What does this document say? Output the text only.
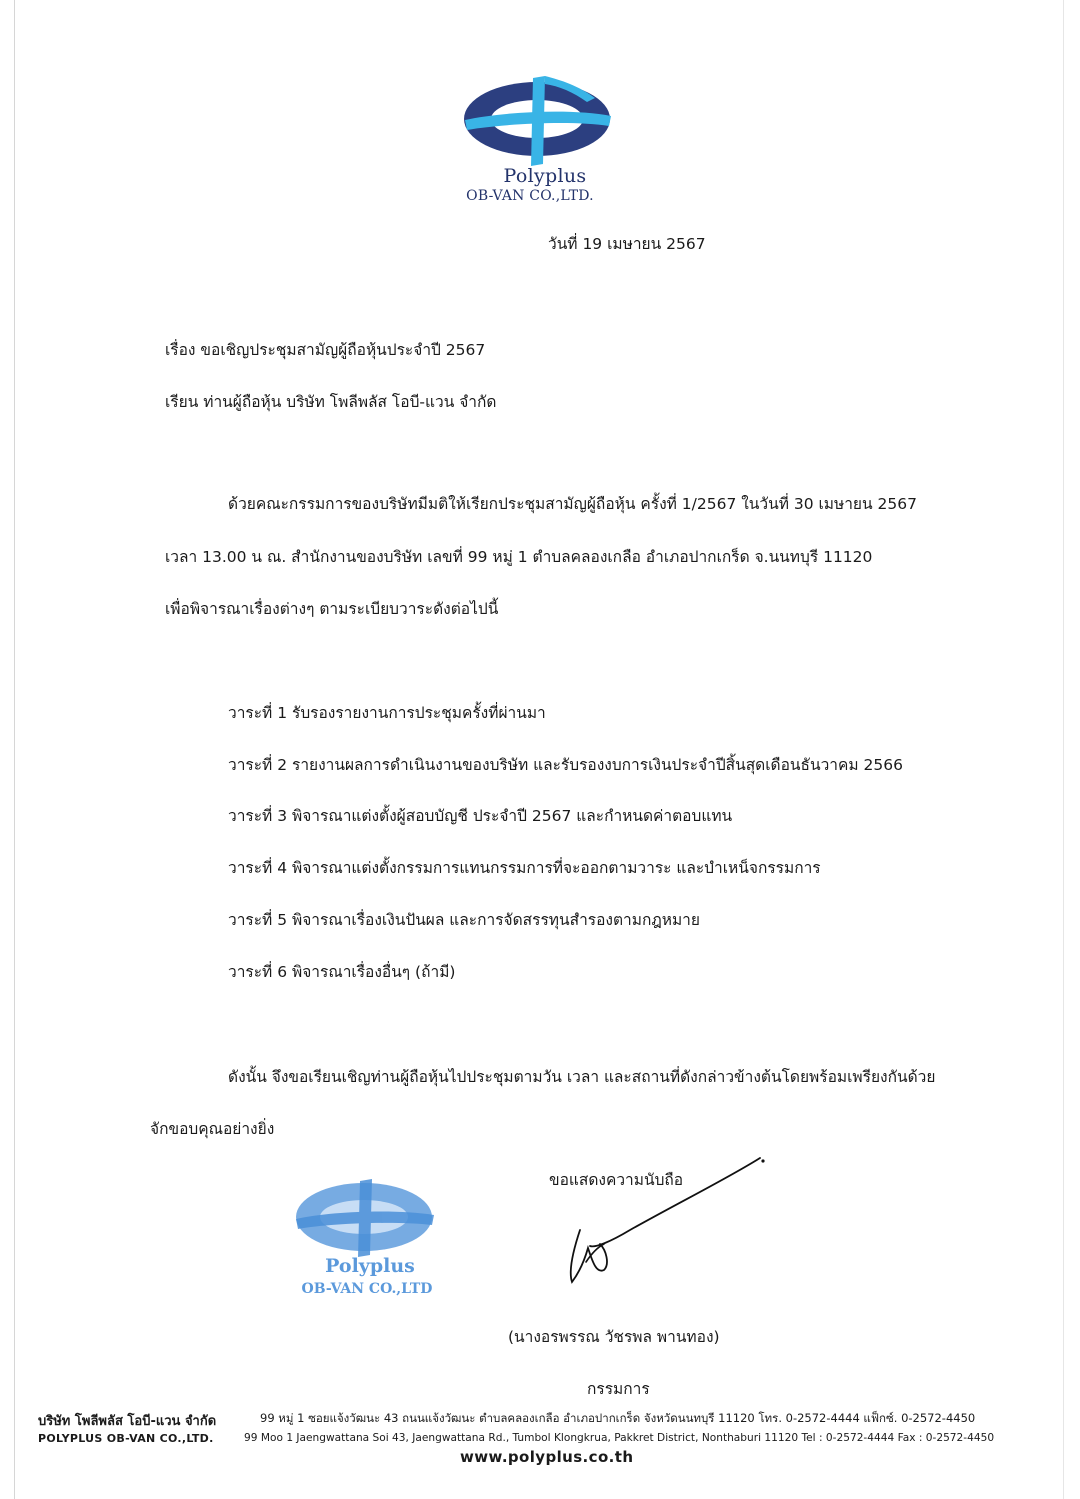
Polyplus
OB-VAN CO.,LTD.
วันที่ 19 เมษายน 2567
เรื่อง ขอเชิญประชุมสามัญผู้ถือหุ้นประจำปี 2567
เรียน ท่านผู้ถือหุ้น บริษัท โพลีพลัส โอบี-แวน จำกัด
ด้วยคณะกรรมการของบริษัทมีมติให้เรียกประชุมสามัญผู้ถือหุ้น ครั้งที่ 1/2567 ในวันที่ 30 เมษายน 2567
เวลา 13.00 น ณ. สำนักงานของบริษัท เลขที่ 99 หมู่ 1 ตำบลคลองเกลือ อำเภอปากเกร็ด จ.นนทบุรี 11120
เพื่อพิจารณาเรื่องต่างๆ ตามระเบียบวาระดังต่อไปนี้
วาระที่ 1 รับรองรายงานการประชุมครั้งที่ผ่านมา
วาระที่ 2 รายงานผลการดำเนินงานของบริษัท และรับรองงบการเงินประจำปีสิ้นสุดเดือนธันวาคม 2566
วาระที่ 3 พิจารณาแต่งตั้งผู้สอบบัญชี ประจำปี 2567 และกำหนดค่าตอบแทน
วาระที่ 4 พิจารณาแต่งตั้งกรรมการแทนกรรมการที่จะออกตามวาระ และบำเหน็จกรรมการ
วาระที่ 5 พิจารณาเรื่องเงินปันผล และการจัดสรรทุนสำรองตามกฎหมาย
วาระที่ 6 พิจารณาเรื่องอื่นๆ (ถ้ามี)
ดังนั้น จึงขอเรียนเชิญท่านผู้ถือหุ้นไปประชุมตามวัน เวลา และสถานที่ดังกล่าวข้างต้นโดยพร้อมเพรียงกันด้วย
จักขอบคุณอย่างยิ่ง
ขอแสดงความนับถือ
Polyplus
OB-VAN CO.,LTD
(นางอรพรรณ วัชรพล พานทอง)
กรรมการ
บริษัท โพลีพลัส โอบี-แวน จำกัด	99 หมู่ 1 ซอยแจ้งวัฒนะ 43 ถนนแจ้งวัฒนะ ตำบลคลองเกลือ อำเภอปากเกร็ด จังหวัดนนทบุรี 11120 โทร. 0-2572-4444 แฟ็กซ์. 0-2572-4450
POLYPLUS OB-VAN CO.,LTD.	99 Moo 1 Jaengwattana Soi 43, Jaengwattana Rd., Tumbol Klongkrua, Pakkret District, Nonthaburi 11120 Tel : 0-2572-4444 Fax : 0-2572-4450
www.polyplus.co.th
